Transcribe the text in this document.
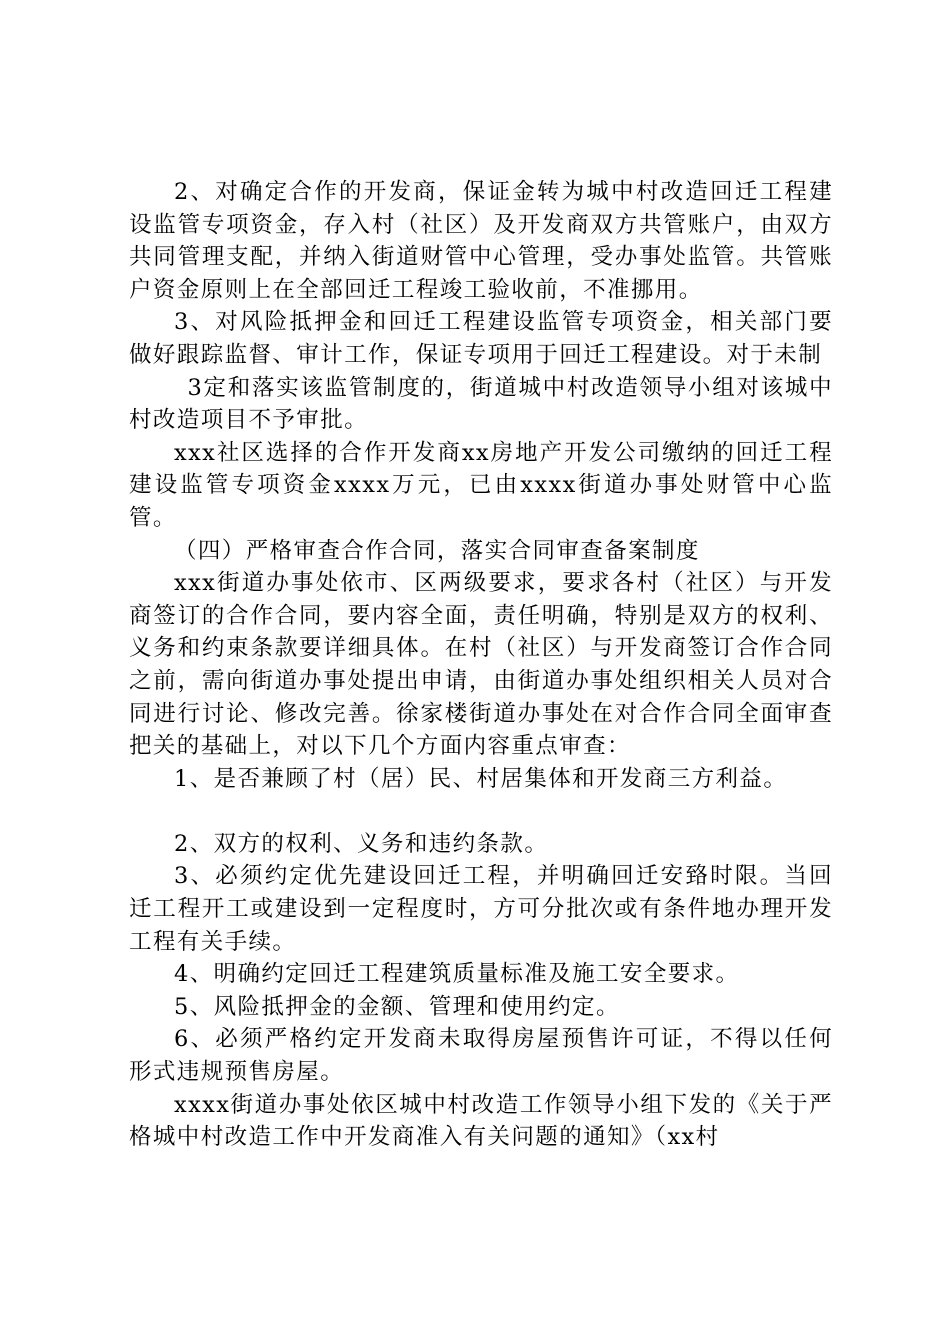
2、对确定合作的开发商，保证金转为城中村改造回迁工程建设监管专项资金，存入村（社区）及开发商双方共管账户，由双方共同管理支配，并纳入街道财管中心管理，受办事处监管。共管账户资金原则上在全部回迁工程竣工验收前，不准挪用。

3、对风险抵押金和回迁工程建设监管专项资金，相关部门要做好跟踪监督、审计工作，保证专项用于回迁工程建设。对于未制

3定和落实该监管制度的，街道城中村改造领导小组对该城中村改造项目不予审批。

xxx社区选择的合作开发商xx房地产开发公司缴纳的回迁工程建设监管专项资金xxxx万元，已由xxxx街道办事处财管中心监管。

（四）严格审查合作合同，落实合同审查备案制度

xxx街道办事处依市、区两级要求，要求各村（社区）与开发商签订的合作合同，要内容全面，责任明确，特别是双方的权利、义务和约束条款要详细具体。在村（社区）与开发商签订合作合同之前，需向街道办事处提出申请，由街道办事处组织相关人员对合同进行讨论、修改完善。徐家楼街道办事处在对合作合同全面审查把关的基础上，对以下几个方面内容重点审查：

1、是否兼顾了村（居）民、村居集体和开发商三方利益。

2、双方的权利、义务和违约条款。

3、必须约定优先建设回迁工程，并明确回迁安臵时限。当回迁工程开工或建设到一定程度时，方可分批次或有条件地办理开发工程有关手续。

4、明确约定回迁工程建筑质量标准及施工安全要求。

5、风险抵押金的金额、管理和使用约定。

6、必须严格约定开发商未取得房屋预售许可证，不得以任何形式违规预售房屋。

xxxx街道办事处依区城中村改造工作领导小组下发的《关于严格城中村改造工作中开发商准入有关问题的通知》（xx村
